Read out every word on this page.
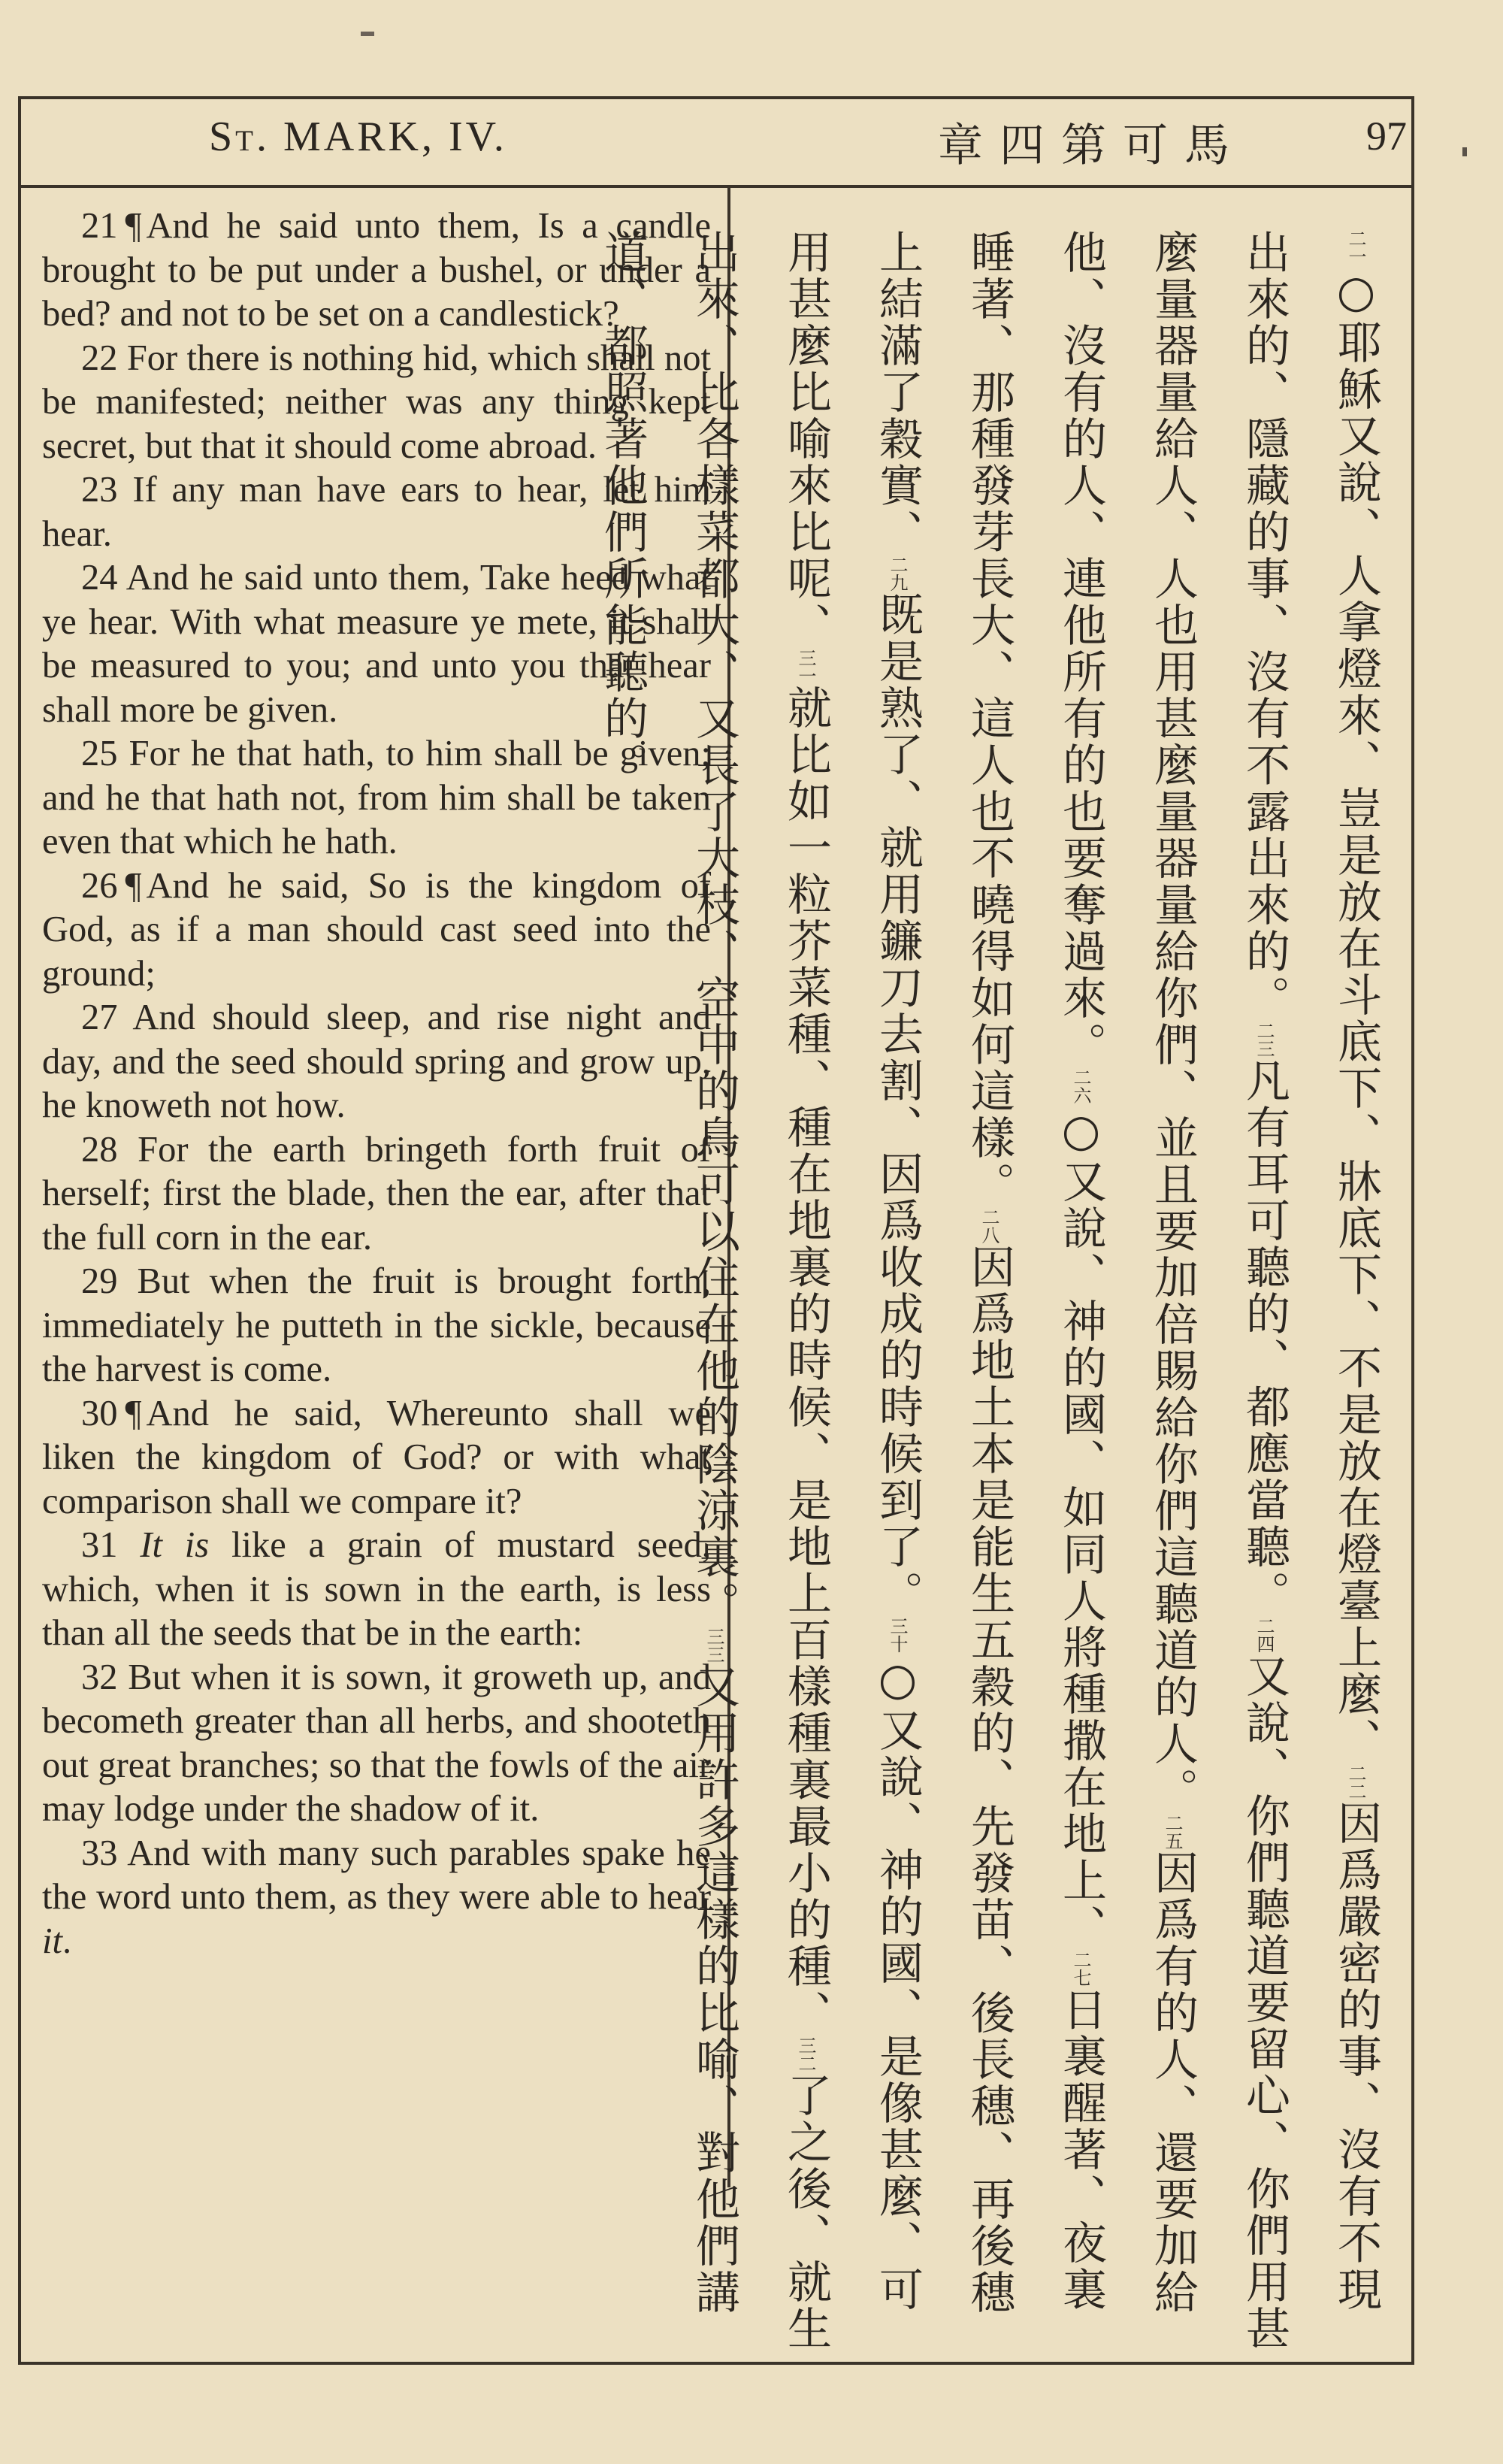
St. MARK, IV.	章四第可馬	97

21 ¶ And he said unto them, Is a candle brought to be put under a bushel, or under a bed? and not to be set on a candlestick?

22 For there is nothing hid, which shall not be manifested; neither was any thing kept secret, but that it should come abroad.

23 If any man have ears to hear, let him hear.

24 And he said unto them, Take heed what ye hear. With what measure ye mete, it shall be measured to you; and unto you that hear shall more be given.

25 For he that hath, to him shall be given; and he that hath not, from him shall be taken even that which he hath.

26 ¶ And he said, So is the kingdom of God, as if a man should cast seed into the ground;

27 And should sleep, and rise night and day, and the seed should spring and grow up, he knoweth not how.

28 For the earth bringeth forth fruit of herself; first the blade, then the ear, after that the full corn in the ear.

29 But when the fruit is brought forth, immediately he putteth in the sickle, because the harvest is come.

30 ¶ And he said, Whereunto shall we liken the kingdom of God? or with what comparison shall we compare it?

31 It is like a grain of mustard seed, which, when it is sown in the earth, is less than all the seeds that be in the earth:

32 But when it is sown, it groweth up, and becometh greater than all herbs, and shooteth out great branches; so that the fowls of the air may lodge under the shadow of it.

33 And with many such parables spake he the word unto them, as they were able to hear it.

$^{二一}$○耶穌又說、人拿燈來、豈是放在斗底下、牀底下、不是放在燈臺上麼、$^{二二}$因爲嚴密的事、沒有不現出來的、隱藏的事、沒有不露出來的。$^{二三}$凡有耳可聽的、都應當聽。$^{二四}$又說、你們聽道要留心、你們用甚麼量器量給人、人也用甚麼量器量給你們、並且要加倍賜給你們這聽道的人。$^{二五}$因爲有的人、還要加給他、沒有的人、連他所有的也要奪過來。$^{二六}$○又說、神的國、如同人將種撒在地上、$^{二七}$日裏醒著、夜裏睡著、那種發芽長大、這人也不曉得如何這樣。$^{二八}$因爲地土本是能生五穀的、先發苗、後長穗、再後穗上結滿了穀實、$^{二九}$既是熟了、就用鐮刀去割、因爲收成的時候到了。$^{三十}$○又說、神的國、是像甚麼、可用甚麼比喻來比呢、$^{三一}$就比如一粒芥菜種、種在地裏的時候、是地上百樣種裏最小的種、$^{三二}$了之後、就生出來、比各樣菜都大、又長了大枝、空中的鳥可以住在他的陰涼裏。$^{三三}$又用許多這樣的比喻、對他們講道、都照著他們所能聽的。
